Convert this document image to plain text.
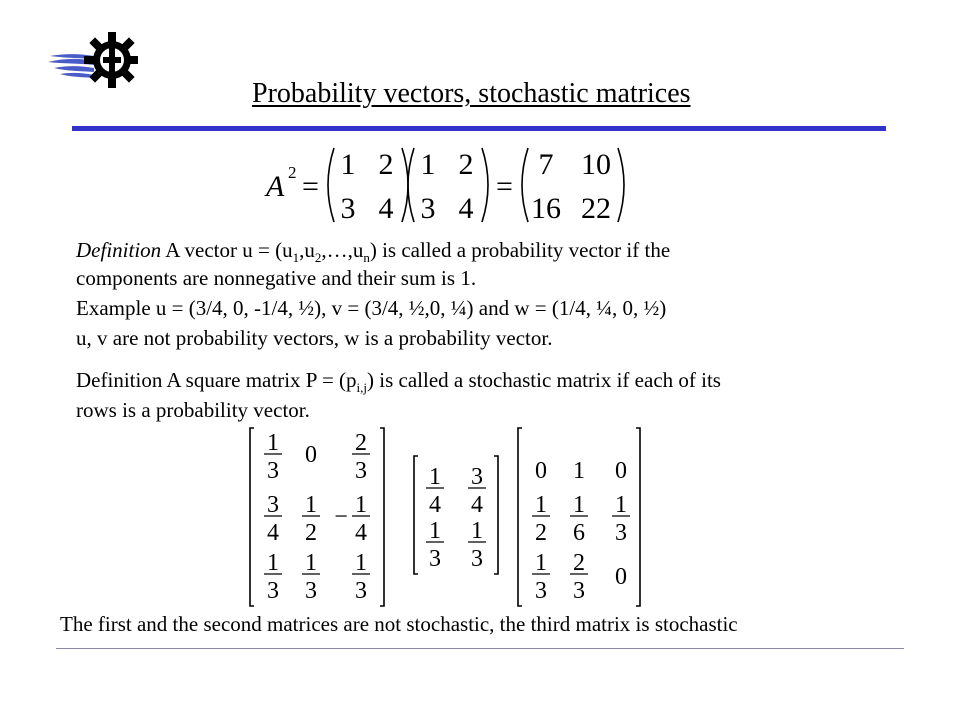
Probability vectors, stochastic matrices
A 2 =	=
1 2
3 4
1 2
3 4
7 10
16 22
Definition A vector $u = (u_1,u_2,\dots,u_n)$ is called a probability vector if the
components are nonnegative and their sum is 1.
Example u = (3/4, 0, -1/4, ½), v = (3/4, ½,0, ¼) and w = (1/4, ¼, 0, ½)
u, v are not probability vectors, w is a probability vector.
Definition A square matrix $P = (p_{i,j})$ is called a stochastic matrix if each of its
rows is a probability vector.
1
3
0 2
3
3
4
1
2
− 1
4
1
3
1
3
1
3
1
4
3
4
1
3
1
3
0 1 0
1
2
1
6
1
3
1
3
2
3
0
The first and the second matrices are not stochastic, the third matrix is stochastic
